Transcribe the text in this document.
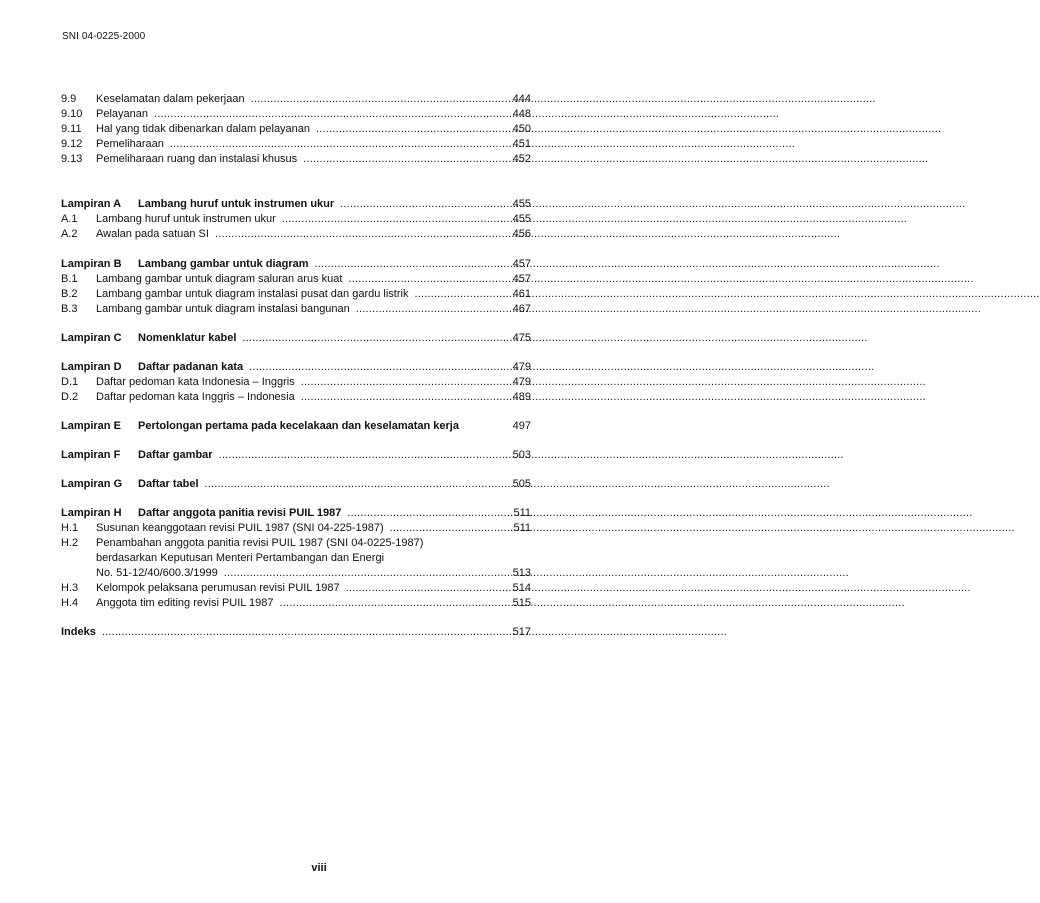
SNI 04-0225-2000
9.9	Keselamatan dalam pekerjaan .....	444
9.10	Pelayanan .....	448
9.11	Hal yang tidak dibenarkan dalam pelayanan .....	450
9.12	Pemeliharaan .....	451
9.13	Pemeliharaan ruang dan instalasi khusus .....	452
Lampiran A	Lambang huruf untuk instrumen ukur .....	455
A.1	Lambang huruf untuk instrumen ukur .....	455
A.2	Awalan pada satuan SI .....	456
Lampiran B	Lambang gambar untuk diagram .....	457
B.1	Lambang gambar untuk diagram saluran arus kuat .....	457
B.2	Lambang gambar untuk diagram instalasi pusat dan gardu listrik .....	461
B.3	Lambang gambar untuk diagram instalasi bangunan .....	467
Lampiran C	Nomenklatur kabel .....	475
Lampiran D	Daftar padanan kata .....	479
D.1	Daftar pedoman kata Indonesia – Inggris .....	479
D.2	Daftar pedoman kata Inggris – Indonesia .....	489
Lampiran E	Pertolongan pertama pada kecelakaan dan keselamatan kerja	497
Lampiran F	Daftar gambar .....	503
Lampiran G	Daftar tabel .....	505
Lampiran H	Daftar anggota panitia revisi PUIL 1987 .....	511
H.1	Susunan keanggotaan revisi PUIL 1987 (SNI 04-225-1987) .....	511
H.2	Penambahan anggota panitia revisi PUIL 1987 (SNI 04-0225-1987)
berdasarkan Keputusan Menteri Pertambangan dan Energi
No. 51-12/40/600.3/1999 .....	513
H.3	Kelompok pelaksana perumusan revisi PUIL 1987 .....	514
H.4	Anggota tim editing revisi PUIL 1987 .....	515
Indeks .....	517
viii
